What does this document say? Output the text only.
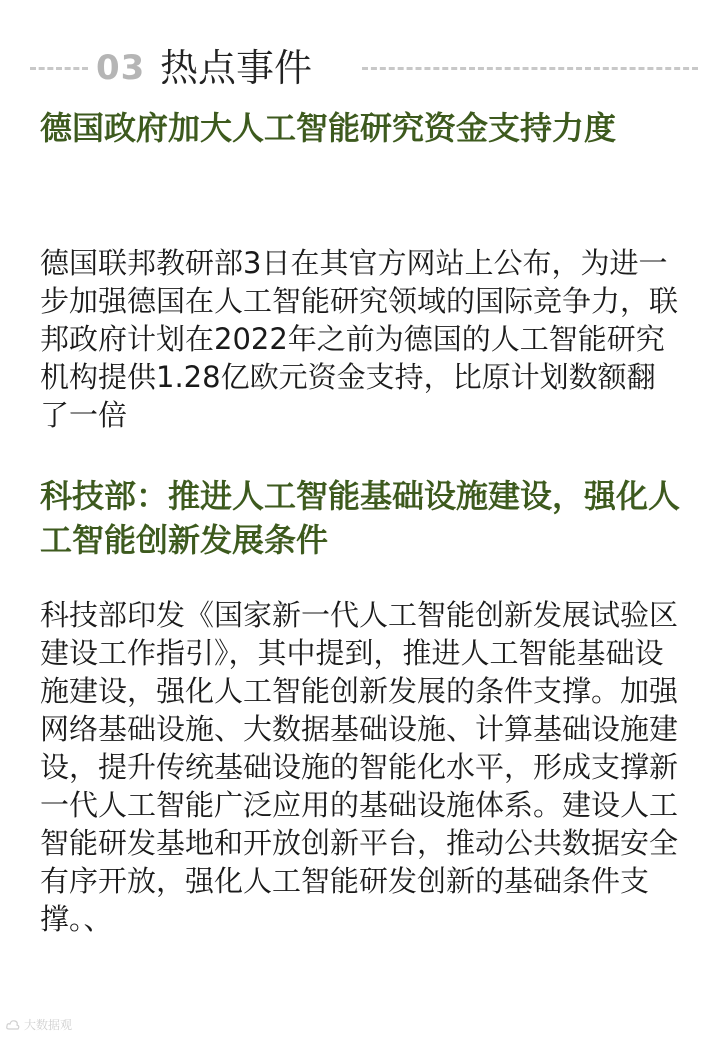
03 热点事件
德国政府加大人工智能研究资金支持力度

德国联邦教研部3日在其官方网站上公布，为进一步加强德国在人工智能研究领域的国际竞争力，联邦政府计划在2022年之前为德国的人工智能研究机构提供1.28亿欧元资金支持，比原计划数额翻了一倍

科技部：推进人工智能基础设施建设，强化人工智能创新发展条件

科技部印发《国家新一代人工智能创新发展试验区建设工作指引》，其中提到，推进人工智能基础设施建设，强化人工智能创新发展的条件支撑。加强网络基础设施、大数据基础设施、计算基础设施建设，提升传统基础设施的智能化水平，形成支撑新一代人工智能广泛应用的基础设施体系。建设人工智能研发基地和开放创新平台，推动公共数据安全有序开放，强化人工智能研发创新的基础条件支撑。、

大数据观
